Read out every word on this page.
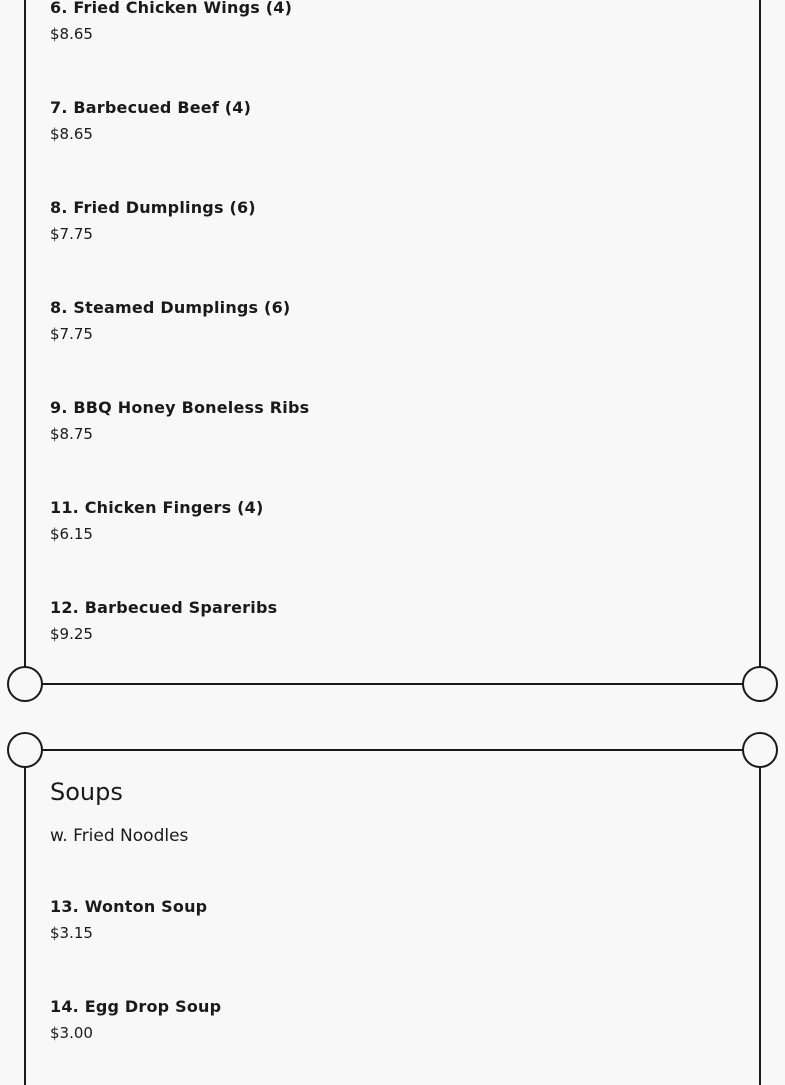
6. Fried Chicken Wings (4)
$8.65
7. Barbecued Beef (4)
$8.65
8. Fried Dumplings (6)
$7.75
8. Steamed Dumplings (6)
$7.75
9. BBQ Honey Boneless Ribs
$8.75
11. Chicken Fingers (4)
$6.15
12. Barbecued Spareribs
$9.25
Soups
w. Fried Noodles
13. Wonton Soup
$3.15
14. Egg Drop Soup
$3.00
